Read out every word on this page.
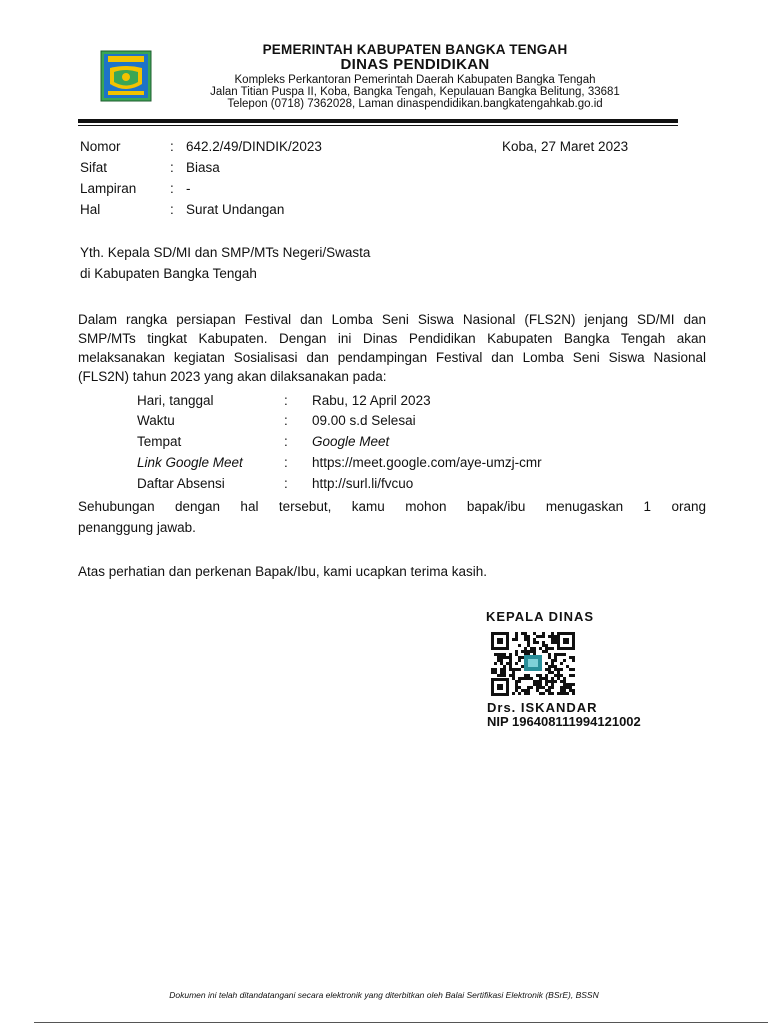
PEMERINTAH KABUPATEN BANGKA TENGAH
DINAS PENDIDIKAN
Kompleks Perkantoran Pemerintah Daerah Kabupaten Bangka Tengah
Jalan Titian Puspa II, Koba, Bangka Tengah, Kepulauan Bangka Belitung, 33681
Telepon (0718) 7362028, Laman dinaspendidikan.bangkatengahkab.go.id
Nomor	: 642.2/49/DINDIK/2023
Sifat	: Biasa
Lampiran : -
Hal	: Surat Undangan
Koba, 27 Maret 2023
Yth. Kepala SD/MI dan SMP/MTs Negeri/Swasta
di Kabupaten Bangka Tengah
Dalam rangka persiapan Festival dan Lomba Seni Siswa Nasional (FLS2N) jenjang SD/MI dan
SMP/MTs tingkat Kabupaten. Dengan ini Dinas Pendidikan Kabupaten Bangka Tengah akan
melaksanakan kegiatan Sosialisasi dan pendampingan Festival dan Lomba Seni Siswa Nasional
(FLS2N) tahun 2023 yang akan dilaksanakan pada:
Hari, tanggal	: Rabu, 12 April 2023
Waktu	: 09.00 s.d Selesai
Tempat	: Google Meet
Link Google Meet	: https://meet.google.com/aye-umzj-cmr
Daftar Absensi	: http://surl.li/fvcuo
Sehubungan dengan hal tersebut, kamu mohon bapak/ibu menugaskan 1 orang
penanggung jawab.
Atas perhatian dan perkenan Bapak/Ibu, kami ucapkan terima kasih.
KEPALA DINAS
Drs. ISKANDAR
NIP 196408111994121002
Dokumen ini telah ditandatangani secara elektronik yang diterbitkan oleh Balai Sertifikasi Elektronik (BSrE), BSSN
